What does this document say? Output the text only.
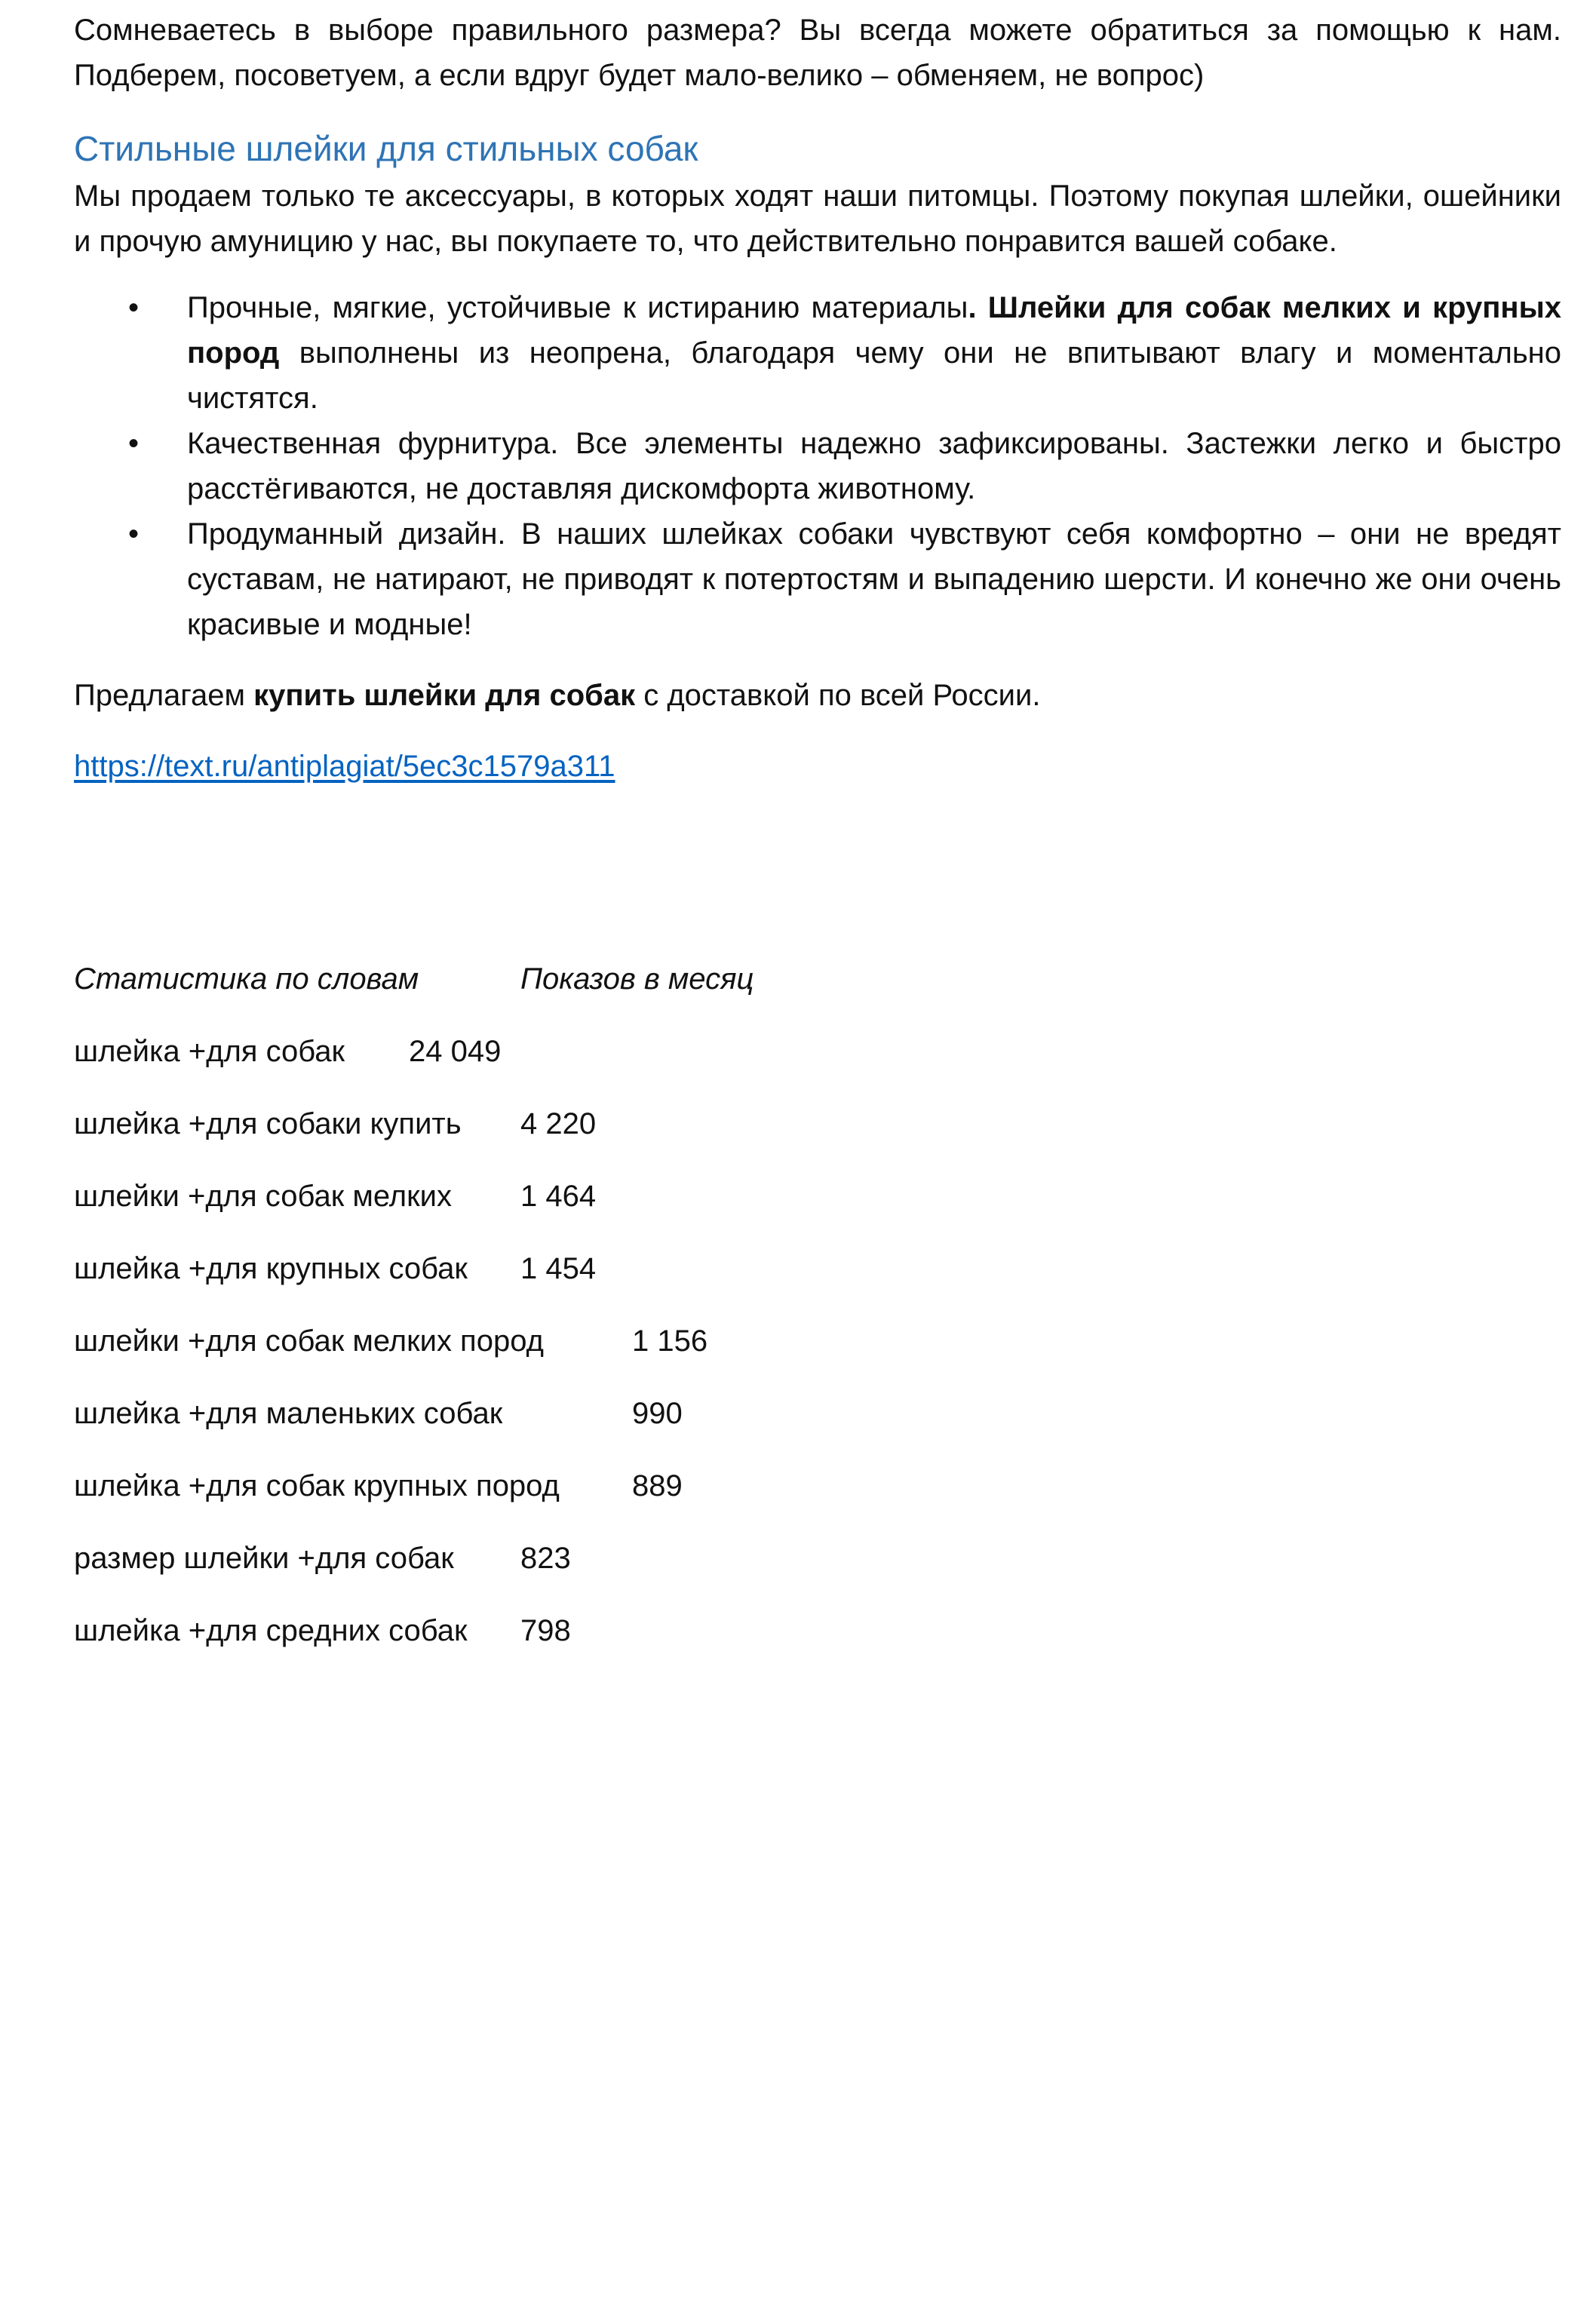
Сомневаетесь в выборе правильного размера? Вы всегда можете обратиться за помощью к нам. Подберем, посоветуем, а если вдруг будет мало-велико – обменяем, не вопрос)

Стильные шлейки для стильных собак

Мы продаем только те аксессуары, в которых ходят наши питомцы. Поэтому покупая шлейки, ошейники и прочую амуницию у нас, вы покупаете то, что действительно понравится вашей собаке.

• Прочные, мягкие, устойчивые к истиранию материалы. Шлейки для собак мелких и крупных пород выполнены из неопрена, благодаря чему они не впитывают влагу и моментально чистятся.

• Качественная фурнитура. Все элементы надежно зафиксированы. Застежки легко и быстро расстёгиваются, не доставляя дискомфорта животному.

• Продуманный дизайн. В наших шлейках собаки чувствуют себя комфортно – они не вредят суставам, не натирают, не приводят к потертостям и выпадению шерсти. И конечно же они очень красивые и модные!

Предлагаем купить шлейки для собак с доставкой по всей России.

https://text.ru/antiplagiat/5ec3c1579a311

Статистика по словам	Показов в месяц
шлейка +для собак 24 049
шлейка +для собаки купить 4 220
шлейки +для собак мелких 1 464
шлейка +для крупных собак 1 454
шлейки +для собак мелких пород	1 156
шлейка +для маленьких собак	990
шлейка +для собак крупных пород 889
размер шлейки +для собак 823
шлейка +для средних собак 798
